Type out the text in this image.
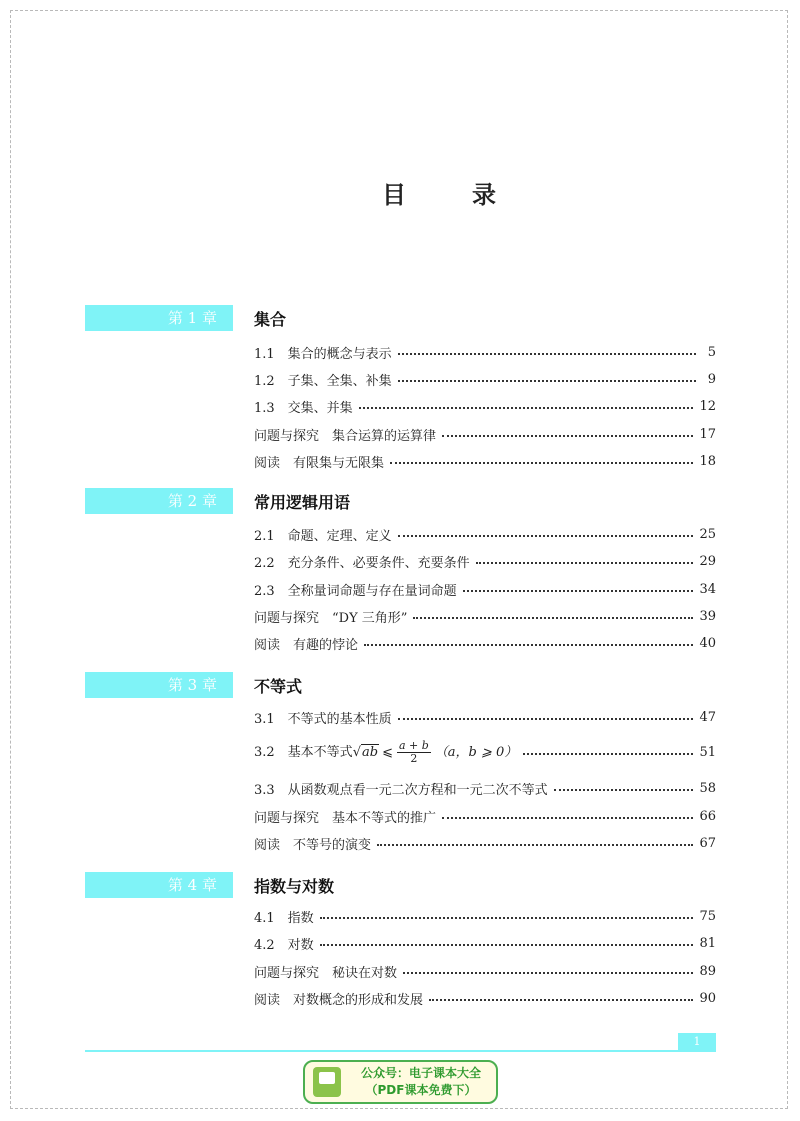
目	录
第 1 章	集合
1.1　集合的概念与表示	5
1.2　子集、全集、补集	9
1.3　交集、并集	12
问题与探究　集合运算的运算律	17
阅读　有限集与无限集	18
第 2 章	常用逻辑用语
2.1　命题、定理、定义	25
2.2　充分条件、必要条件、充要条件	29
2.3　全称量词命题与存在量词命题	34
问题与探究　“DY 三角形”	39
阅读　有趣的悖论	40
第 3 章	不等式
3.1　不等式的基本性质	47
3.2　基本不等式√ab ⩽ $\frac{a + b}{2} (a$，b ⩾ 0）	51
3.3　从函数观点看一元二次方程和一元二次不等式	58
问题与探究　基本不等式的推广	66
阅读　不等号的演变	67
第 4 章	指数与对数
4.1　指数	75
4.2　对数	81
问题与探究　秘诀在对数	89
阅读　对数概念的形成和发展	90
1
公众号：电子课本大全
（PDF课本免费下）
